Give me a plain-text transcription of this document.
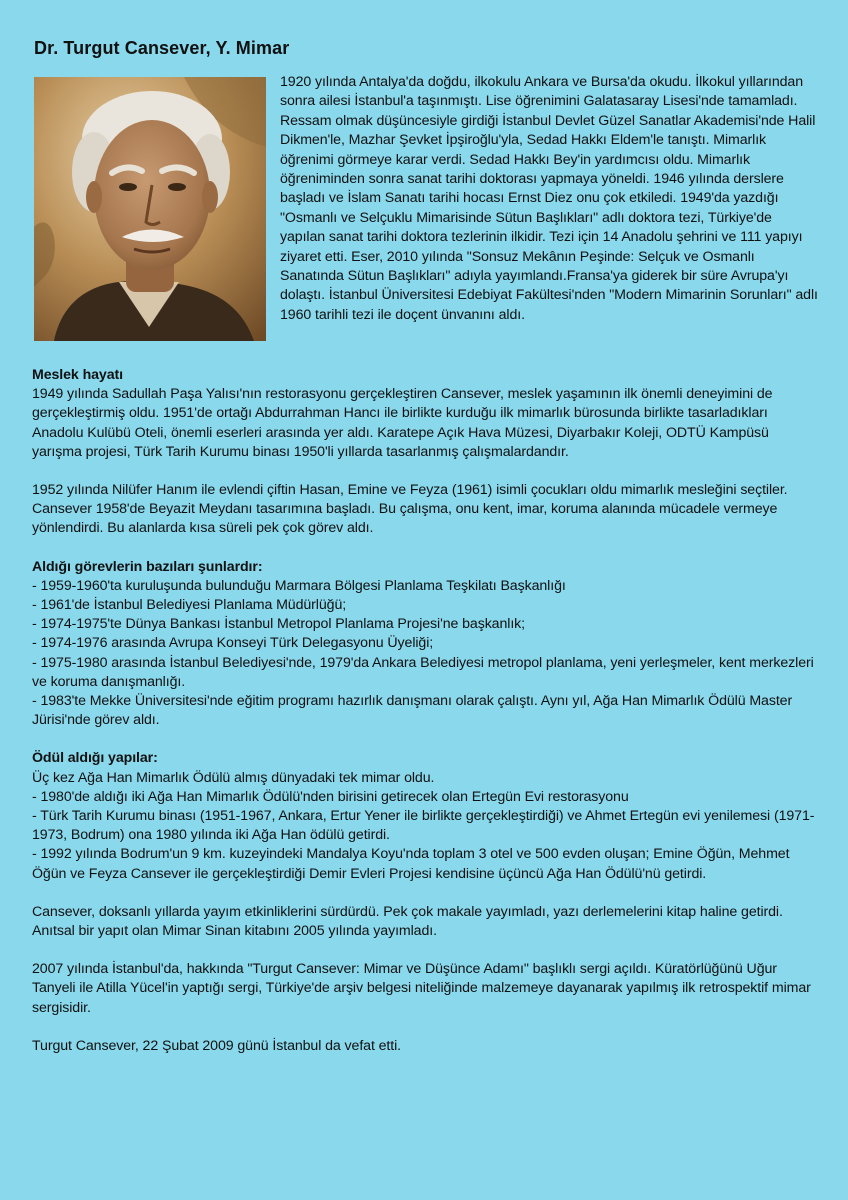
Dr. Turgut Cansever, Y. Mimar

1920 yılında Antalya'da doğdu, ilkokulu Ankara ve Bursa'da okudu. İlkokul yıllarından sonra ailesi İstanbul'a taşınmıştı. Lise öğrenimini Galatasaray Lisesi'nde tamamladı. Ressam olmak düşüncesiyle girdiği İstanbul Devlet Güzel Sanatlar Akademisi'nde Halil Dikmen'le, Mazhar Şevket İpşiroğlu'yla, Sedad Hakkı Eldem'le tanıştı. Mimarlık öğrenimi görmeye karar verdi. Sedad Hakkı Bey'in yardımcısı oldu. Mimarlık öğreniminden sonra sanat tarihi doktorası yapmaya yöneldi. 1946 yılında derslere başladı ve İslam Sanatı tarihi hocası Ernst Diez onu çok etkiledi. 1949'da yazdığı "Osmanlı ve Selçuklu Mimarisinde Sütun Başlıkları" adlı doktora tezi, Türkiye'de yapılan sanat tarihi doktora tezlerinin ilkidir. Tezi için 14 Anadolu şehrini ve 111 yapıyı ziyaret etti. Eser, 2010 yılında "Sonsuz Mekânın Peşinde: Selçuk ve Osmanlı Sanatında Sütun Başlıkları" adıyla yayımlandı.Fransa'ya giderek bir süre Avrupa'yı dolaştı. İstanbul Üniversitesi Edebiyat Fakültesi'nden "Modern Mimarinin Sorunları" adlı 1960 tarihli tezi ile doçent ünvanını aldı.

Meslek hayatı

1949 yılında Sadullah Paşa Yalısı'nın restorasyonu gerçekleştiren Cansever, meslek yaşamının ilk önemli deneyimini de gerçekleştirmiş oldu. 1951'de ortağı Abdurrahman Hancı ile birlikte kurduğu ilk mimarlık bürosunda birlikte tasarladıkları Anadolu Kulübü Oteli, önemli eserleri arasında yer aldı. Karatepe Açık Hava Müzesi, Diyarbakır Koleji, ODTÜ Kampüsü yarışma projesi, Türk Tarih Kurumu binası 1950'li yıllarda tasarlanmış çalışmalardandır.

1952 yılında Nilüfer Hanım ile evlendi çiftin Hasan, Emine ve Feyza (1961) isimli çocukları oldu mimarlık mesleğini seçtiler.

Cansever 1958'de Beyazit Meydanı tasarımına başladı. Bu çalışma, onu kent, imar, koruma alanında mücadele vermeye yönlendirdi. Bu alanlarda kısa süreli pek çok görev aldı.

Aldığı görevlerin bazıları şunlardır:

- 1959-1960'ta kuruluşunda bulunduğu Marmara Bölgesi Planlama Teşkilatı Başkanlığı

- 1961'de İstanbul Belediyesi Planlama Müdürlüğü;

- 1974-1975'te Dünya Bankası İstanbul Metropol Planlama Projesi'ne başkanlık;

- 1974-1976 arasında Avrupa Konseyi Türk Delegasyonu Üyeliği;

- 1975-1980 arasında İstanbul Belediyesi'nde, 1979'da Ankara Belediyesi metropol planlama, yeni yerleşmeler, kent merkezleri ve koruma danışmanlığı.

- 1983'te Mekke Üniversitesi'nde eğitim programı hazırlık danışmanı olarak çalıştı. Aynı yıl, Ağa Han Mimarlık Ödülü Master Jürisi'nde görev aldı.

Ödül aldığı yapılar:

Üç kez Ağa Han Mimarlık Ödülü almış dünyadaki tek mimar oldu.

- 1980'de aldığı iki Ağa Han Mimarlık Ödülü'nden birisini getirecek olan Ertegün Evi restorasyonu

- Türk Tarih Kurumu binası (1951-1967, Ankara, Ertur Yener ile birlikte gerçekleştirdiği) ve Ahmet Ertegün evi yenilemesi (1971-1973, Bodrum) ona 1980 yılında iki Ağa Han ödülü getirdi.

- 1992 yılında Bodrum'un 9 km. kuzeyindeki Mandalya Koyu'nda toplam 3 otel ve 500 evden oluşan; Emine Öğün, Mehmet Öğün ve Feyza Cansever ile gerçekleştirdiği Demir Evleri Projesi kendisine üçüncü Ağa Han Ödülü'nü getirdi.

Cansever, doksanlı yıllarda yayım etkinliklerini sürdürdü. Pek çok makale yayımladı, yazı derlemelerini kitap haline getirdi. Anıtsal bir yapıt olan Mimar Sinan kitabını 2005 yılında yayımladı.

2007 yılında İstanbul'da, hakkında "Turgut Cansever: Mimar ve Düşünce Adamı" başlıklı sergi açıldı. Küratörlüğünü Uğur Tanyeli ile Atilla Yücel'in yaptığı sergi, Türkiye'de arşiv belgesi niteliğinde malzemeye dayanarak yapılmış ilk retrospektif mimar sergisidir.

Turgut Cansever, 22 Şubat 2009 günü İstanbul da vefat etti.
